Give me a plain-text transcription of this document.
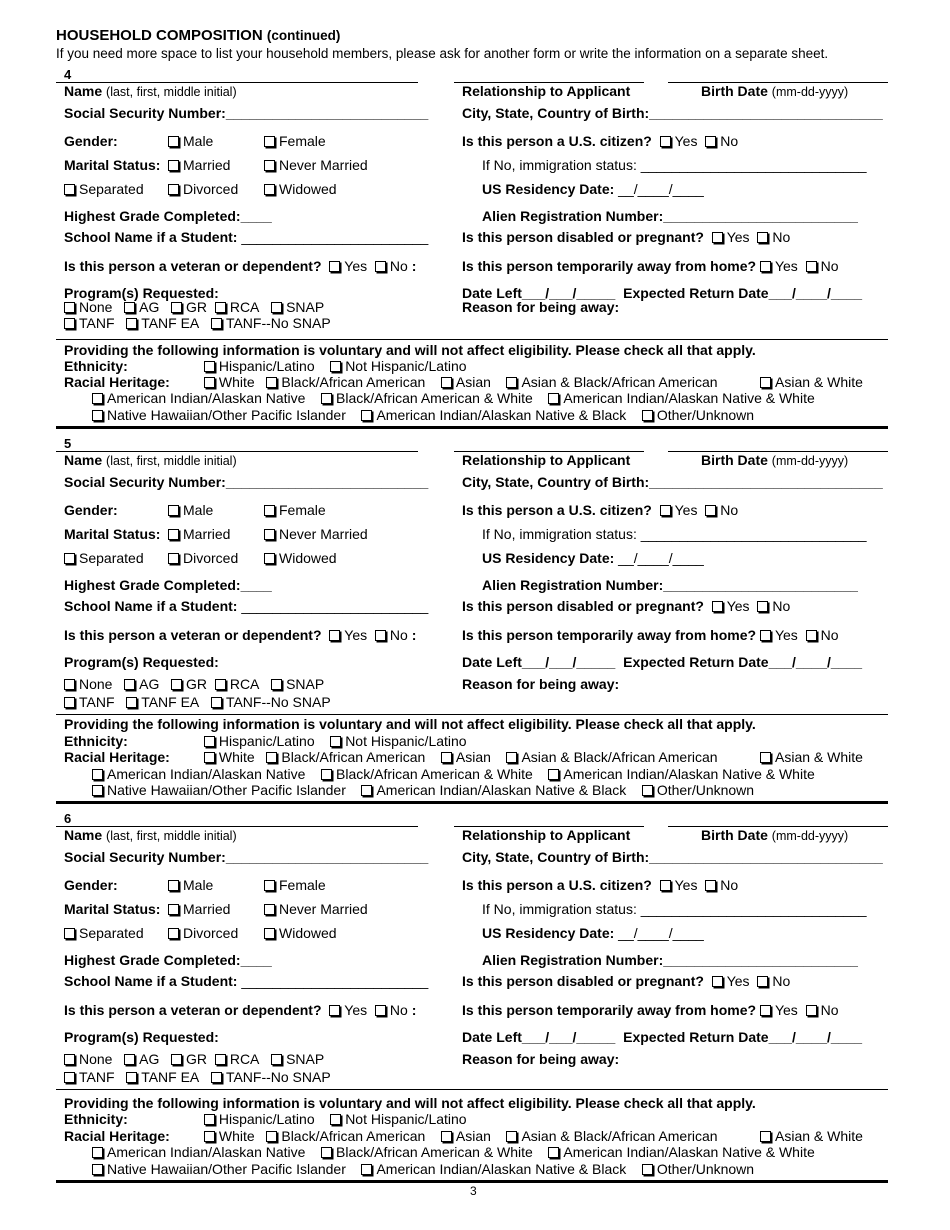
HOUSEHOLD COMPOSITION (continued)
If you need more space to list your household members, please ask for another form or write the information on a separate sheet.
4
Name (last, first, middle initial)	Relationship to Applicant	Birth Date (mm-dd-yyyy)
Social Security Number:__________________________ City, State, Country of Birth:______________________________
Gender:	Male	Female	Is this person a U.S. citizen? Yes No
Marital Status:	Married	Never Married	If No, immigration status: _____________________________
Separated	Divorced	Widowed	US Residency Date: __/____/____
Highest Grade Completed:____	Alien Registration Number:_________________________
School Name if a Student: ________________________ Is this person disabled or pregnant? Yes No
Is this person a veteran or dependent? Yes No :	Is this person temporarily away from home? Yes No
Program(s) Requested:	Date Left___/___/_____ Expected Return Date___/____/____
None AG GR RCA SNAP	Reason for being away:
TANF TANF EA TANF--No SNAP
Providing the following information is voluntary and will not affect eligibility. Please check all that apply.
Ethnicity:	Hispanic/Latino Not Hispanic/Latino
Racial Heritage:	White Black/African American Asian Asian & Black/African American	Asian & White
American Indian/Alaskan Native Black/African American & White American Indian/Alaskan Native & White
Native Hawaiian/Other Pacific Islander American Indian/Alaskan Native & Black Other/Unknown
5
Name (last, first, middle initial)	Relationship to Applicant	Birth Date (mm-dd-yyyy)
Social Security Number:__________________________ City, State, Country of Birth:______________________________
Gender:	Male	Female	Is this person a U.S. citizen? Yes No
Marital Status:	Married	Never Married	If No, immigration status: _____________________________
Separated	Divorced	Widowed	US Residency Date: __/____/____
Highest Grade Completed:____	Alien Registration Number:_________________________
School Name if a Student: ________________________ Is this person disabled or pregnant? Yes No
Is this person a veteran or dependent? Yes No :	Is this person temporarily away from home? Yes No
Program(s) Requested:	Date Left___/___/_____ Expected Return Date___/____/____
None AG GR RCA SNAP	Reason for being away:
TANF TANF EA TANF--No SNAP
Providing the following information is voluntary and will not affect eligibility. Please check all that apply.
Ethnicity:	Hispanic/Latino Not Hispanic/Latino
Racial Heritage:	White Black/African American Asian Asian & Black/African American	Asian & White
American Indian/Alaskan Native Black/African American & White American Indian/Alaskan Native & White
Native Hawaiian/Other Pacific Islander American Indian/Alaskan Native & Black Other/Unknown
6
Name (last, first, middle initial)	Relationship to Applicant	Birth Date (mm-dd-yyyy)
Social Security Number:__________________________ City, State, Country of Birth:______________________________
Gender:	Male	Female	Is this person a U.S. citizen? Yes No
Marital Status:	Married	Never Married	If No, immigration status: _____________________________
Separated	Divorced	Widowed	US Residency Date: __/____/____
Highest Grade Completed:____	Alien Registration Number:_________________________
School Name if a Student: ________________________ Is this person disabled or pregnant? Yes No
Is this person a veteran or dependent? Yes No :	Is this person temporarily away from home? Yes No
Program(s) Requested:	Date Left___/___/_____ Expected Return Date___/____/____
None AG GR RCA SNAP	Reason for being away:
TANF TANF EA TANF--No SNAP
Providing the following information is voluntary and will not affect eligibility. Please check all that apply.
Ethnicity:	Hispanic/Latino Not Hispanic/Latino
Racial Heritage:	White Black/African American Asian Asian & Black/African American	Asian & White
American Indian/Alaskan Native Black/African American & White American Indian/Alaskan Native & White
Native Hawaiian/Other Pacific Islander American Indian/Alaskan Native & Black Other/Unknown
3
